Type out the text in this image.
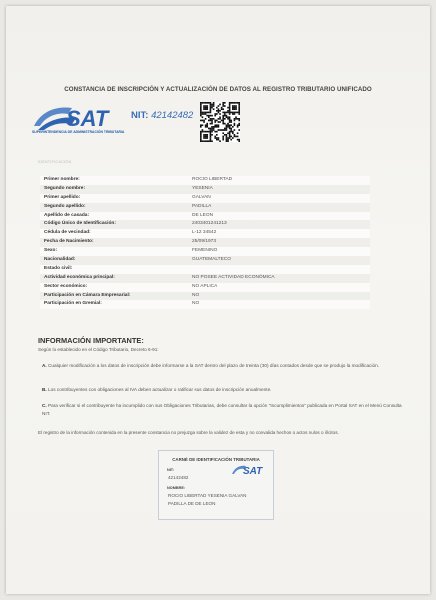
CONSTANCIA DE INSCRIPCIÓN Y ACTUALIZACIÓN DE DATOS AL REGISTRO TRIBUTARIO UNIFICADO
SAT
SUPERINTENDENCIA DE ADMINISTRACIÓN TRIBUTARIA
NIT: 42142482
IDENTIFICACIÓN
Primer nombre:	ROCIO LIBERTAD
Segundo nombre:	YESENIA
Primer apellido:	GALVAN
Segundo apellido:	PADILLA
Apellido de casada:	DE LEON
Código Único de Identificación:	2403401241213
Cédula de vecindad:	L-12 34542
Fecha de Nacimiento:	25/09/1973
Sexo:	FEMENINO
Nacionalidad:	GUATEMALTECO
Estado civil:
Actividad económica principal:	NO POSEE ACTIVIDAD ECONÓMICA
Sector económico:	NO APLICA
Participación en Cámara Empresarial:	NO
Participación en Gremial:	NO
INFORMACIÓN IMPORTANTE:
Según lo establecido en el Código Tributario, Decreto 6-91:
A. Cualquier modificación a los datos de inscripción debe informarse a la SAT dentro del plazo de treinta (30) días contados desde que se produjo la modificación.
B. Los contribuyentes con obligaciones al IVA deben actualizar o ratificar sus datos de inscripción anualmente.
C. Para verificar si el contribuyente ha incumplido con sus Obligaciones Tributarias, debe consultar la opción "Incumplimientos" publicada en Portal SAT en el Menú Consulta NIT.
El registro de la información contenida en la presente constancia no prejuzga sobre la validez de esta y no convalida hechos o actos nulos o ilícitos.
CARNÉ DE IDENTIFICACIÓN TRIBUTARIA
SAT
NIT:
42142482
NOMBRE:
ROCIO LIBERTAD YESENIA GALVAN
PADILLA DE DE LEON
